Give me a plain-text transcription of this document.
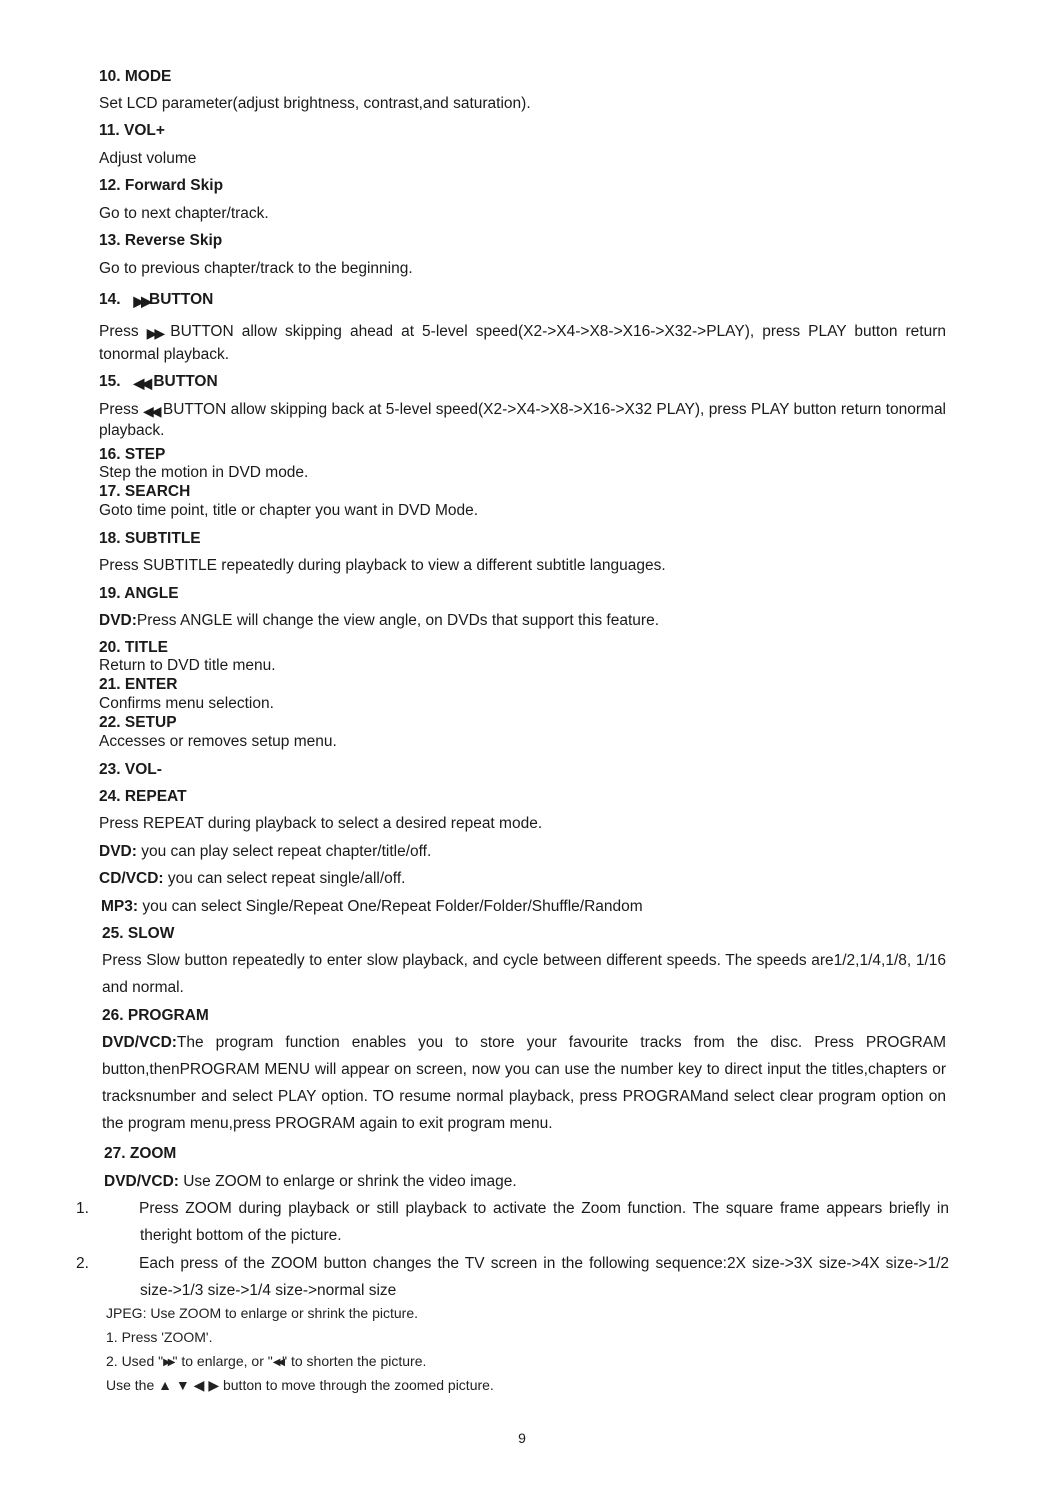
10. MODE

Set LCD parameter(adjust brightness, contrast,and saturation).

11. VOL+

Adjust volume

12. Forward Skip

Go to next chapter/track.

13. Reverse Skip

Go to previous chapter/track to the beginning.

14. ▶▶BUTTON

Press ▶▶ BUTTON allow skipping ahead at 5-level speed(X2->X4->X8->X16->X32->PLAY), press PLAY button return tonormal playback.

15. ◀◀ BUTTON

Press ◀◀ BUTTON allow skipping back at 5-level speed(X2->X4->X8->X16->X32 PLAY), press PLAY button return tonormal playback.

16. STEP

Step the motion in DVD mode.

17. SEARCH

Goto time point, title or chapter you want in DVD Mode.

18. SUBTITLE

Press SUBTITLE repeatedly during playback to view a different subtitle languages.

19. ANGLE

DVD:Press ANGLE will change the view angle, on DVDs that support this feature.

20. TITLE

Return to DVD title menu.

21. ENTER

Confirms menu selection.

22. SETUP

Accesses or removes setup menu.

23. VOL-

24. REPEAT

Press REPEAT during playback to select a desired repeat mode.

DVD: you can play select repeat chapter/title/off.

CD/VCD: you can select repeat single/all/off.

MP3: you can select Single/Repeat One/Repeat Folder/Folder/Shuffle/Random

25. SLOW

Press Slow button repeatedly to enter slow playback, and cycle between different speeds. The speeds are1/2,1/4,1/8, 1/16 and normal.

26. PROGRAM

DVD/VCD:The program function enables you to store your favourite tracks from the disc. Press PROGRAM button,thenPROGRAM MENU will appear on screen, now you can use the number key to direct input the titles,chapters or tracksnumber and select PLAY option. TO resume normal playback, press PROGRAMand select clear program option on the program menu,press PROGRAM again to exit program menu.

27. ZOOM

DVD/VCD: Use ZOOM to enlarge or shrink the video image.

1.	Press ZOOM during playback or still playback to activate the Zoom function. The square frame appears briefly in theright bottom of the picture.

2.	Each press of the ZOOM button changes the TV screen in the following sequence:2X size->3X size->4X size->1/2 size->1/3 size->1/4 size->normal size

JPEG: Use ZOOM to enlarge or shrink the picture.

1. Press 'ZOOM'.

2. Used "▶▶" to enlarge, or "◀◀" to shorten the picture.

Use the ▲ ▼ ◀ ▶ button to move through the zoomed picture.

9
